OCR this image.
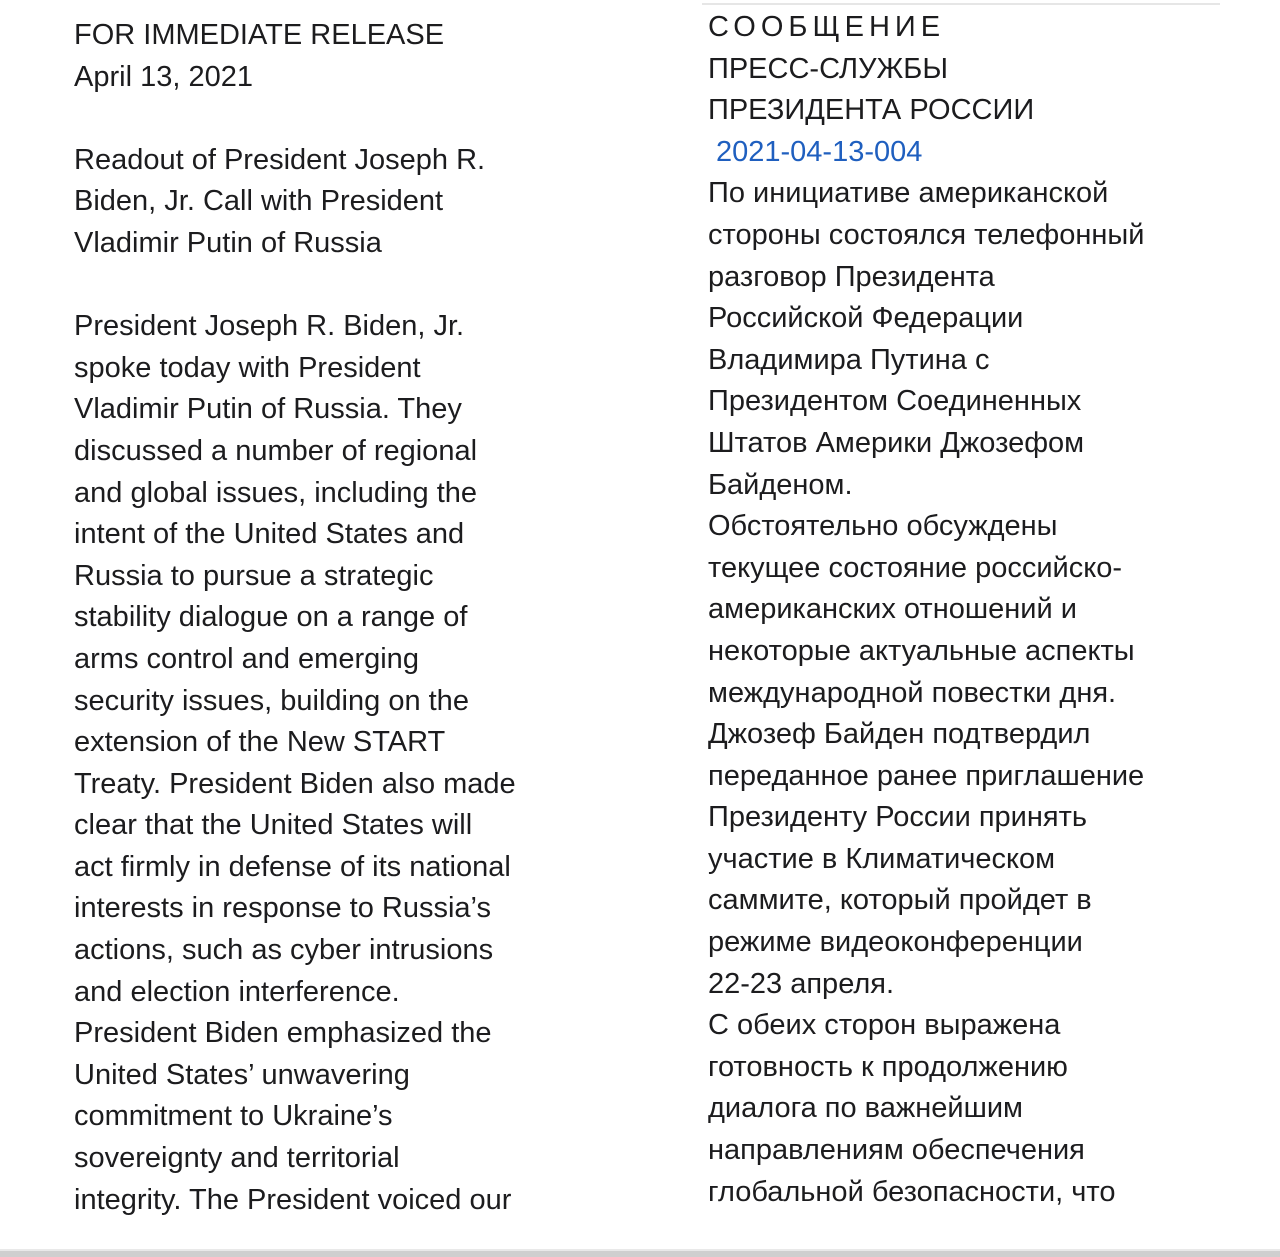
FOR IMMEDIATE RELEASE
April 13, 2021
Readout of President Joseph R.
Biden, Jr. Call with President
Vladimir Putin of Russia
President Joseph R. Biden, Jr.
spoke today with President
Vladimir Putin of Russia. They
discussed a number of regional
and global issues, including the
intent of the United States and
Russia to pursue a strategic
stability dialogue on a range of
arms control and emerging
security issues, building on the
extension of the New START
Treaty. President Biden also made
clear that the United States will
act firmly in defense of its national
interests in response to Russia’s
actions, such as cyber intrusions
and election interference.
President Biden emphasized the
United States’ unwavering
commitment to Ukraine’s
sovereignty and territorial
integrity. The President voiced our
СООБЩЕНИЕ
ПРЕСС-СЛУЖБЫ
ПРЕЗИДЕНТА РОССИИ
2021-04-13-004
По инициативе американской
стороны состоялся телефонный
разговор Президента
Российской Федерации
Владимира Путина с
Президентом Соединенных
Штатов Америки Джозефом
Байденом.
Обстоятельно обсуждены
текущее состояние российско-
американских отношений и
некоторые актуальные аспекты
международной повестки дня.
Джозеф Байден подтвердил
переданное ранее приглашение
Президенту России принять
участие в Климатическом
саммите, который пройдет в
режиме видеоконференции
22-23 апреля.
С обеих сторон выражена
готовность к продолжению
диалога по важнейшим
направлениям обеспечения
глобальной безопасности, что
